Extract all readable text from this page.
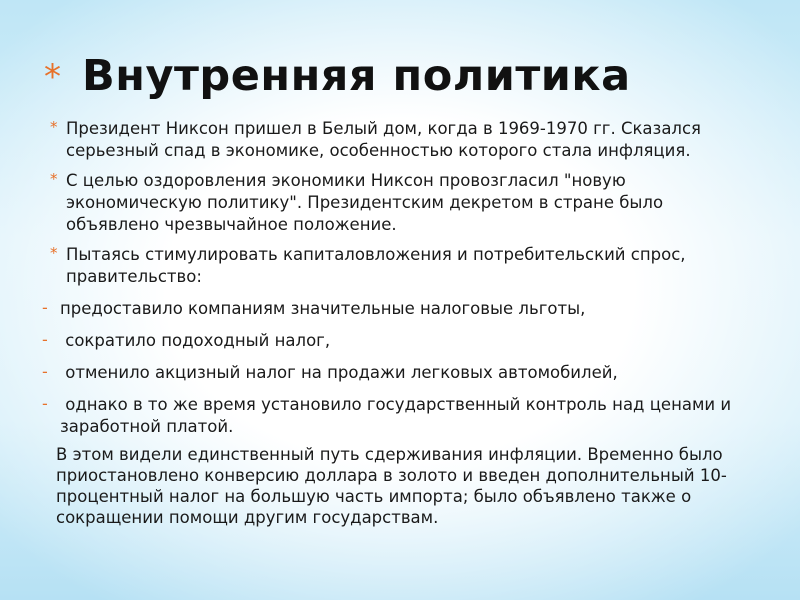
* Внутренняя политика
* Президент Никсон пришел в Белый дом, когда в 1969-1970 гг. Сказался серьезный спад в экономике, особенностью которого стала инфляция.
* С целью оздоровления экономики Никсон провозгласил "новую экономическую политику". Президентским декретом в стране было объявлено чрезвычайное положение.
* Пытаясь стимулировать капиталовложения и потребительский спрос, правительство:
- предоставило компаниям значительные налоговые льготы,
- сократило подоходный налог,
- отменило акцизный налог на продажи легковых автомобилей,
- однако в то же время установило государственный контроль над ценами и заработной платой.

В этом видели единственный путь сдерживания инфляции. Временно было приостановлено конверсию доллара в золото и введен дополнительный 10-процентный налог на большую часть импорта; было объявлено также о сокращении помощи другим государствам.
